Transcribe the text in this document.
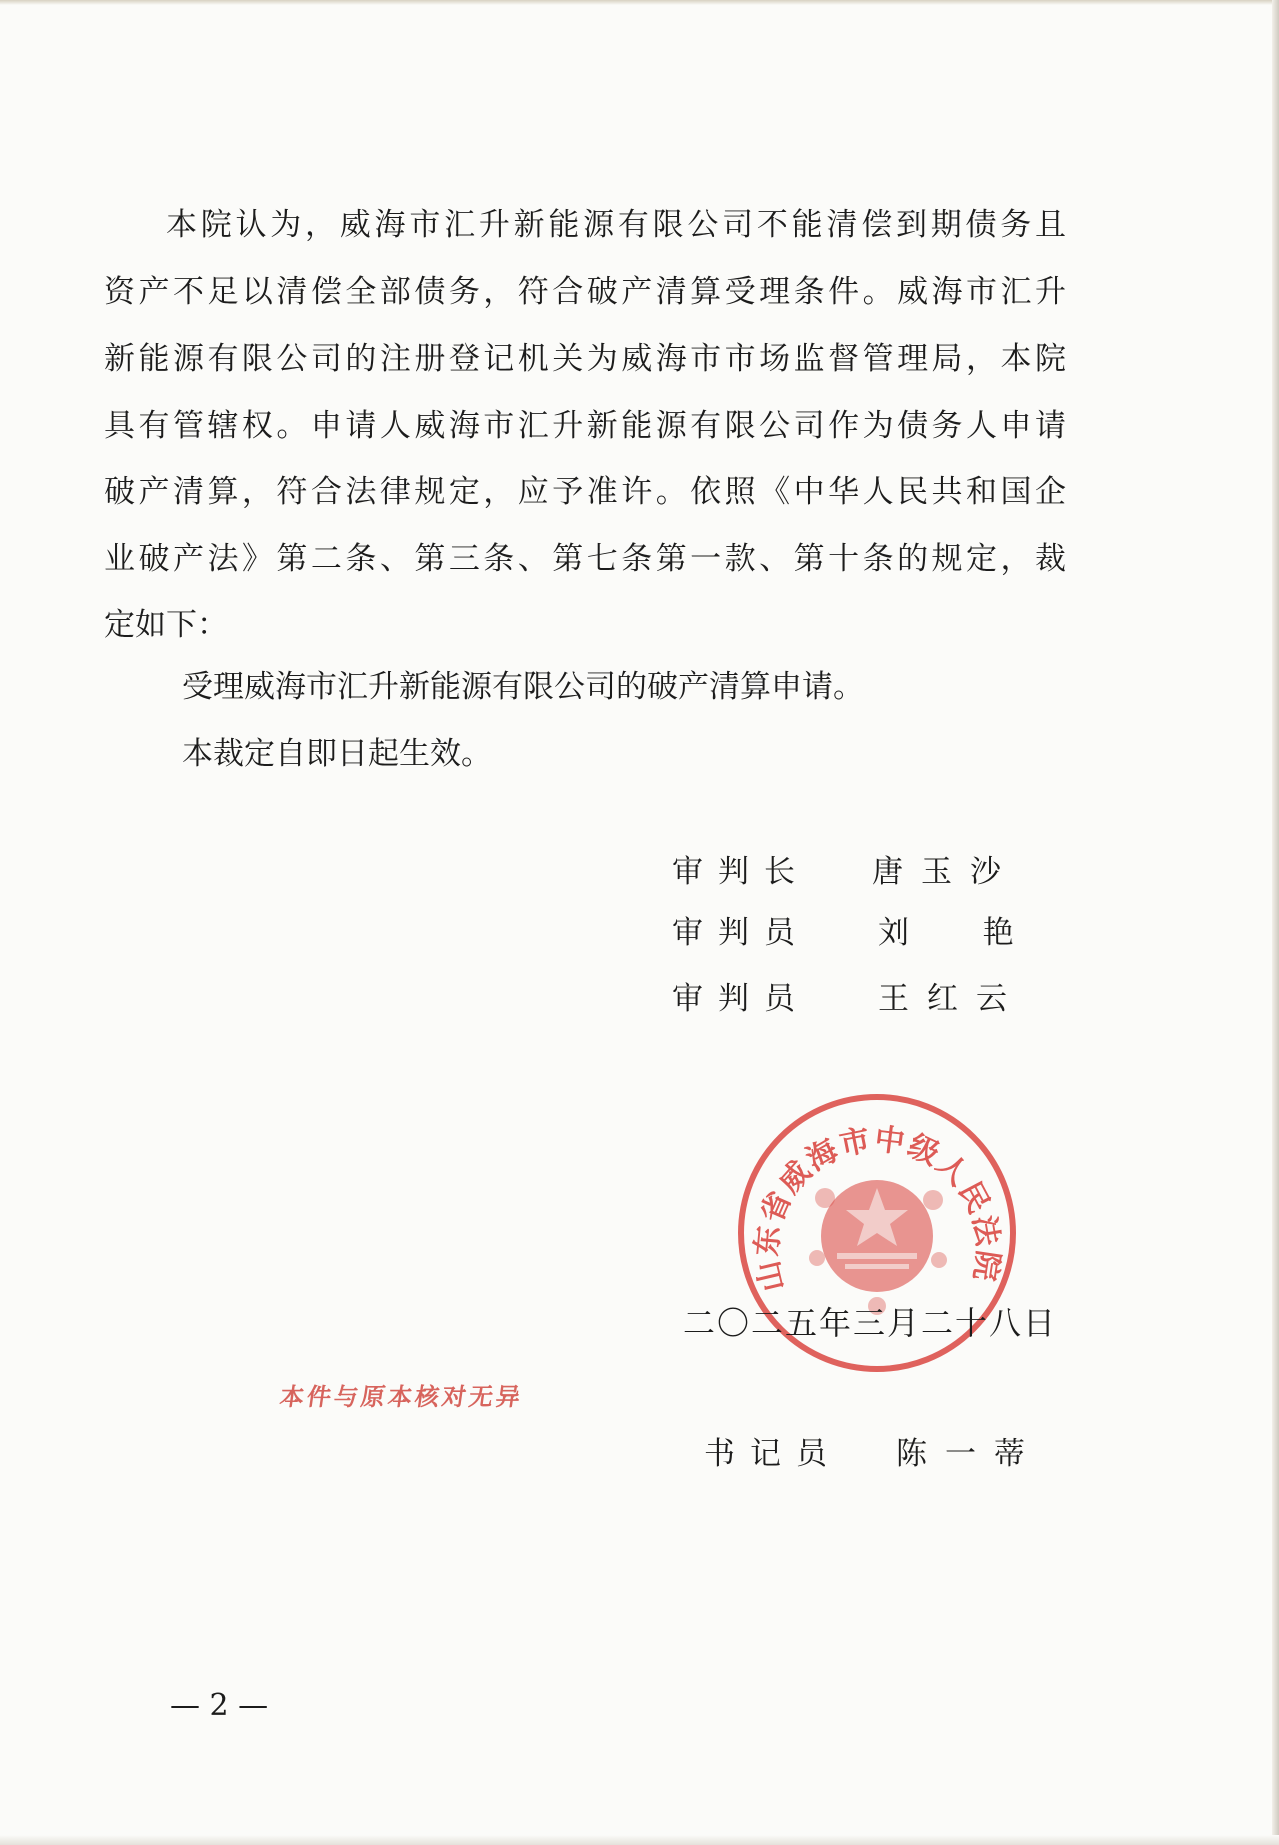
本院认为，威海市汇升新能源有限公司不能清偿到期债务且

资产不足以清偿全部债务，符合破产清算受理条件。威海市汇升

新能源有限公司的注册登记机关为威海市市场监督管理局，本院

具有管辖权。申请人威海市汇升新能源有限公司作为债务人申请

破产清算，符合法律规定，应予准许。依照《中华人民共和国企

业破产法》第二条、第三条、第七条第一款、第十条的规定，裁

定如下：

受理威海市汇升新能源有限公司的破产清算申请。

本裁定自即日起生效。

审判长 唐玉沙
审判员 刘  艳
审判员 王红云
山东省威海市中级人民法院
二〇二五年三月二十八日
本件与原本核对无异
书记员 陈一蒂
— 2 —
